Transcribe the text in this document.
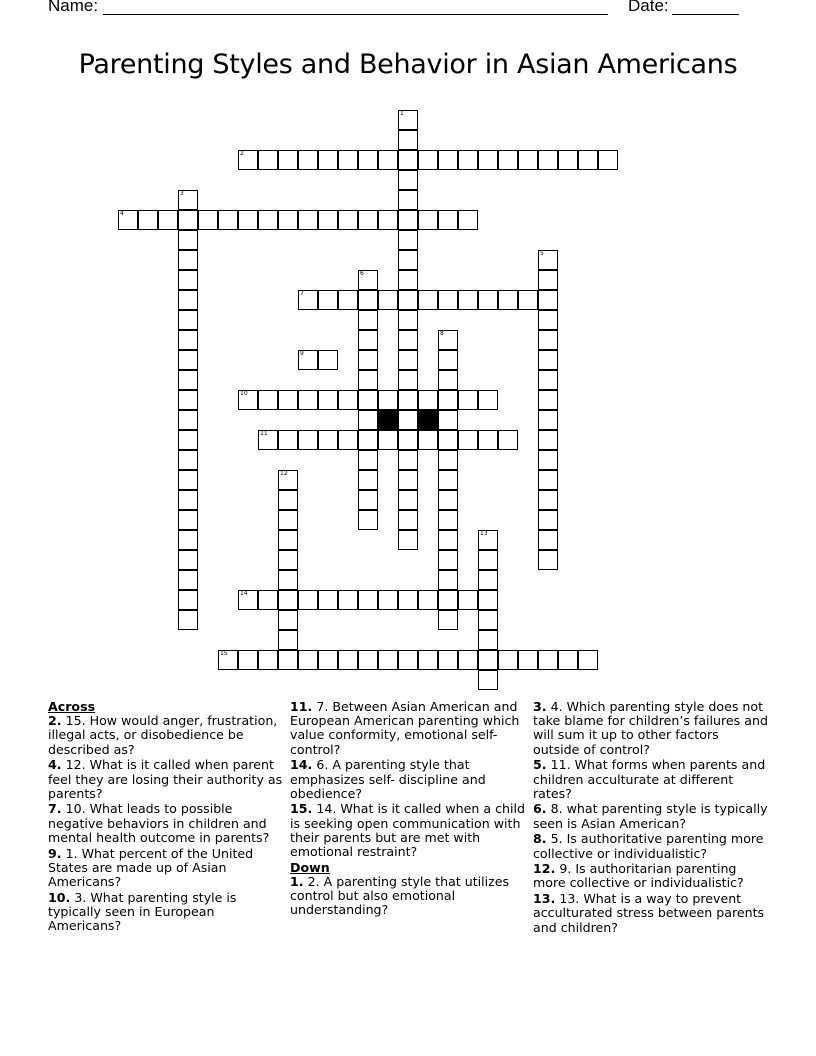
Name:	Date:
Parenting Styles and Behavior in Asian Americans
2
4
7
9
10
11
14
15
1
3
5
6
8
12
13
Across
2. 15. How would anger, frustration, illegal acts, or disobedience be described as?
4. 12. What is it called when parent feel they are losing their authority as parents?
7. 10. What leads to possible negative behaviors in children and mental health outcome in parents?
9. 1. What percent of the United States are made up of Asian Americans?
10. 3. What parenting style is typically seen in European Americans?
11. 7. Between Asian American and European American parenting which value conformity, emotional self-control?
14. 6. A parenting style that emphasizes self- discipline and obedience?
15. 14. What is it called when a child is seeking open communication with their parents but are met with emotional restraint?
Down
1. 2. A parenting style that utilizes control but also emotional understanding?
3. 4. Which parenting style does not take blame for children’s failures and will sum it up to other factors outside of control?
5. 11. What forms when parents and children acculturate at different rates?
6. 8. what parenting style is typically seen is Asian American?
8. 5. Is authoritative parenting more collective or individualistic?
12. 9. Is authoritarian parenting more collective or individualistic?
13. 13. What is a way to prevent acculturated stress between parents and children?
